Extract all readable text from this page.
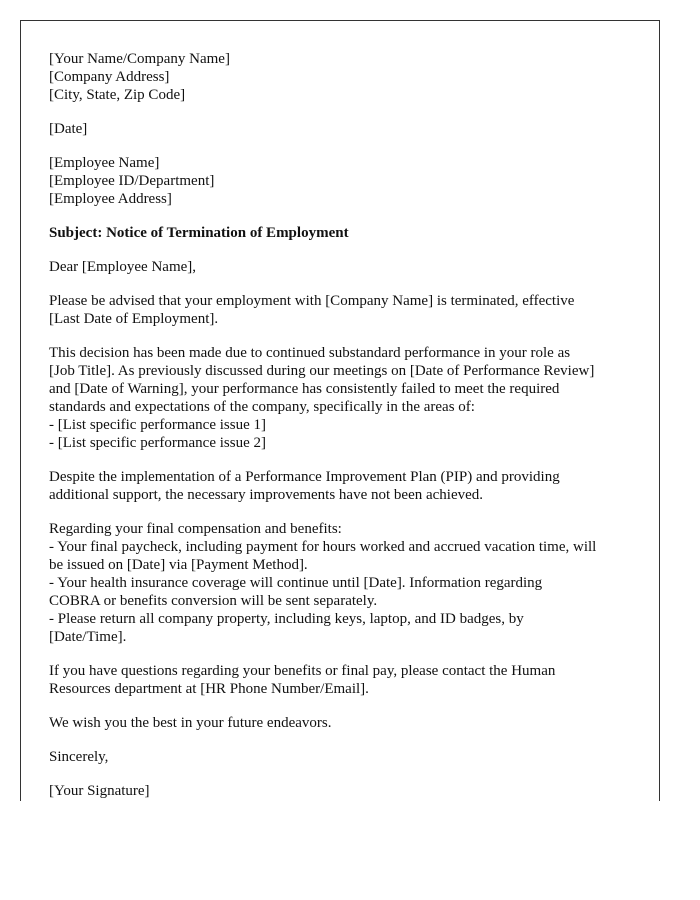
[Your Name/Company Name]
[Company Address]
[City, State, Zip Code]
[Date]
[Employee Name]
[Employee ID/Department]
[Employee Address]
Subject: Notice of Termination of Employment
Dear [Employee Name],
Please be advised that your employment with [Company Name] is terminated, effective
[Last Date of Employment].
This decision has been made due to continued substandard performance in your role as
[Job Title]. As previously discussed during our meetings on [Date of Performance Review]
and [Date of Warning], your performance has consistently failed to meet the required
standards and expectations of the company, specifically in the areas of:
- [List specific performance issue 1]
- [List specific performance issue 2]
Despite the implementation of a Performance Improvement Plan (PIP) and providing
additional support, the necessary improvements have not been achieved.
Regarding your final compensation and benefits:
- Your final paycheck, including payment for hours worked and accrued vacation time, will
be issued on [Date] via [Payment Method].
- Your health insurance coverage will continue until [Date]. Information regarding
COBRA or benefits conversion will be sent separately.
- Please return all company property, including keys, laptop, and ID badges, by
[Date/Time].
If you have questions regarding your benefits or final pay, please contact the Human
Resources department at [HR Phone Number/Email].
We wish you the best in your future endeavors.
Sincerely,
[Your Signature]
